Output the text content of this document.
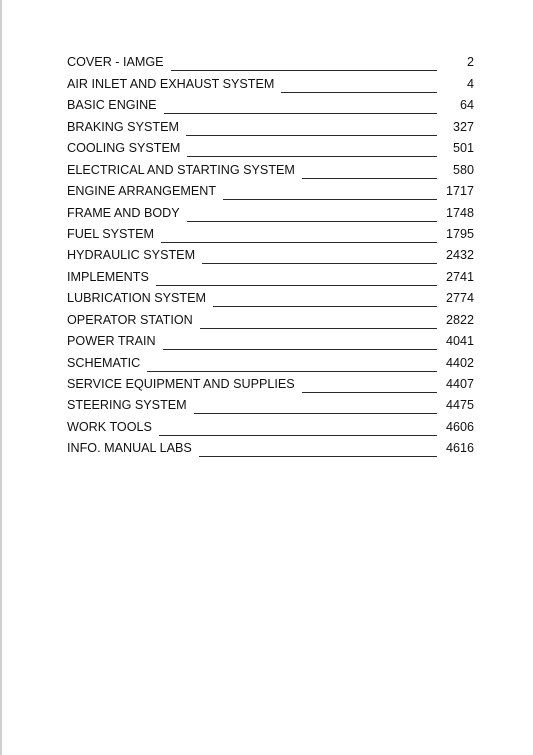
COVER - IAMGE	2
AIR INLET AND EXHAUST SYSTEM	4
BASIC ENGINE	64
BRAKING SYSTEM	327
COOLING SYSTEM	501
ELECTRICAL AND STARTING SYSTEM	580
ENGINE ARRANGEMENT	1717
FRAME AND BODY	1748
FUEL SYSTEM	1795
HYDRAULIC SYSTEM	2432
IMPLEMENTS	2741
LUBRICATION SYSTEM	2774
OPERATOR STATION	2822
POWER TRAIN	4041
SCHEMATIC	4402
SERVICE EQUIPMENT AND SUPPLIES	4407
STEERING SYSTEM	4475
WORK TOOLS	4606
INFO. MANUAL LABS	4616
